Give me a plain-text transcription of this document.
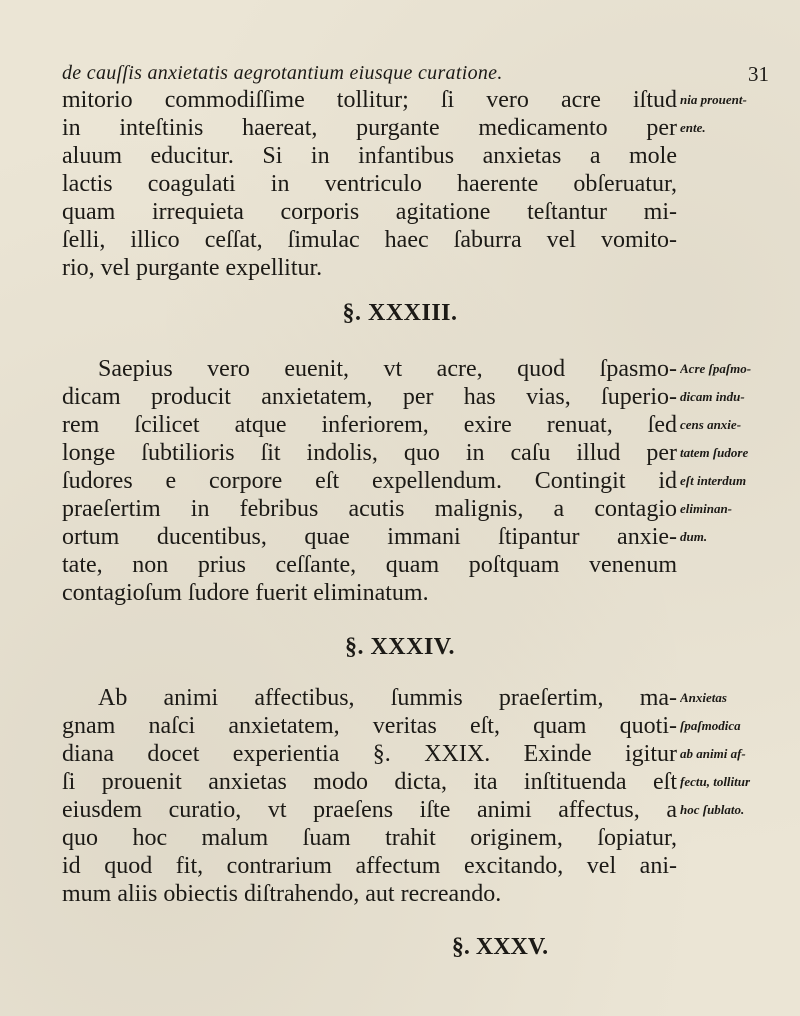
de cauſſis anxietatis aegrotantium eiusque curatione.	31
mitorio commodiſſime tollitur; ſi vero acre iſtud
in inteſtinis haereat, purgante medicamento per
aluum educitur. Si in infantibus anxietas a mole
lactis coagulati in ventriculo haerente obſeruatur,
quam irrequieta corporis agitatione teſtantur mi-
ſelli, illico ceſſat, ſimulac haec ſaburra vel vomito-
rio, vel purgante expellitur.
nia prouent-
ente.
§. XXXIII.
Saepius vero euenit, vt acre, quod ſpasmo-
dicam producit anxietatem, per has vias, ſuperio-
rem ſcilicet atque inferiorem, exire renuat, ſed
longe ſubtilioris ſit indolis, quo in caſu illud per
ſudores e corpore eſt expellendum. Contingit id
praeſertim in febribus acutis malignis, a contagio
ortum ducentibus, quae immani ſtipantur anxie-
tate, non prius ceſſante, quam poſtquam venenum
contagioſum ſudore fuerit eliminatum.
Acre ſpaſmo-
dicam indu-
cens anxie-
tatem ſudore
eſt interdum
eliminan-
dum.
§. XXXIV.
Ab animi affectibus, ſummis praeſertim, ma-
gnam naſci anxietatem, veritas eſt, quam quoti-
diana docet experientia §. XXIX. Exinde igitur
ſi prouenit anxietas modo dicta, ita inſtituenda eſt
eiusdem curatio, vt praeſens iſte animi affectus, a
quo hoc malum ſuam trahit originem, ſopiatur,
id quod fit, contrarium affectum excitando, vel ani-
mum aliis obiectis diſtrahendo, aut recreando.
Anxietas
ſpaſmodica
ab animi af-
fectu, tollitur
hoc ſublato.
§. XXXV.
